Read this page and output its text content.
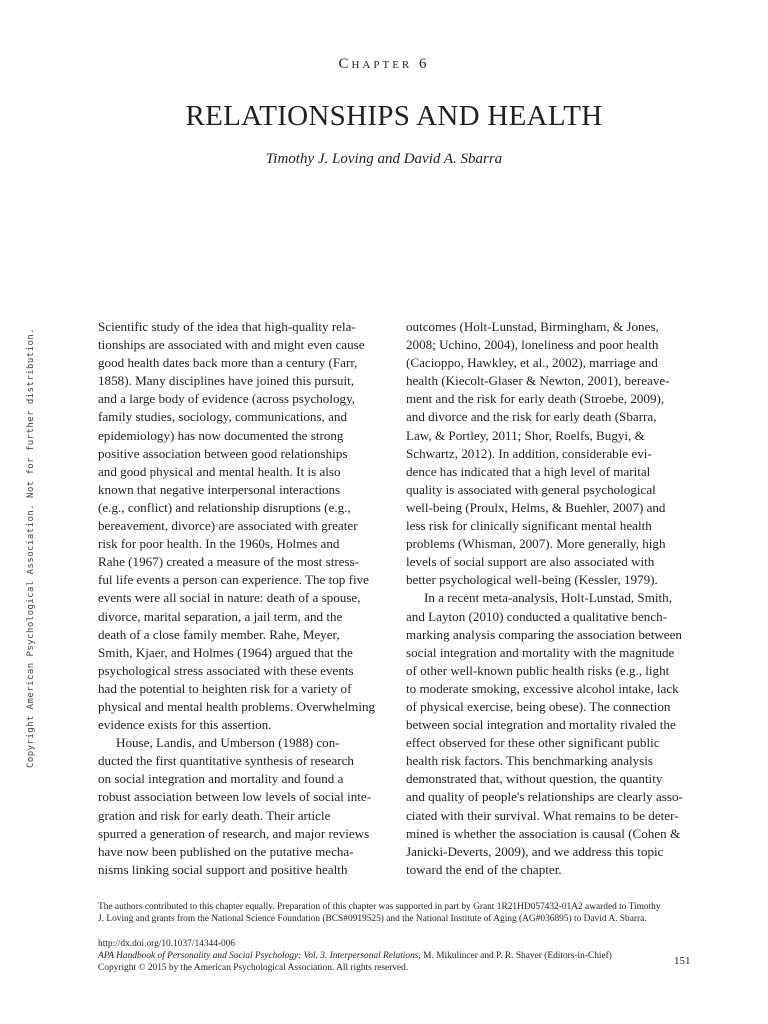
Chapter 6
RELATIONSHIPS AND HEALTH
Timothy J. Loving and David A. Sbarra
Copyright American Psychological Association. Not for further distribution.

Scientific study of the idea that high-quality rela-
tionships are associated with and might even cause
good health dates back more than a century (Farr,
1858). Many disciplines have joined this pursuit,
and a large body of evidence (across psychology,
family studies, sociology, communications, and
epidemiology) has now documented the strong
positive association between good relationships
and good physical and mental health. It is also
known that negative interpersonal interactions
(e.g., conflict) and relationship disruptions (e.g.,
bereavement, divorce) are associated with greater
risk for poor health. In the 1960s, Holmes and
Rahe (1967) created a measure of the most stress-
ful life events a person can experience. The top five
events were all social in nature: death of a spouse,
divorce, marital separation, a jail term, and the
death of a close family member. Rahe, Meyer,
Smith, Kjaer, and Holmes (1964) argued that the
psychological stress associated with these events
had the potential to heighten risk for a variety of
physical and mental health problems. Overwhelming
evidence exists for this assertion.

House, Landis, and Umberson (1988) con-
ducted the first quantitative synthesis of research
on social integration and mortality and found a
robust association between low levels of social inte-
gration and risk for early death. Their article
spurred a generation of research, and major reviews
have now been published on the putative mecha-
nisms linking social support and positive health

outcomes (Holt-Lunstad, Birmingham, & Jones,
2008; Uchino, 2004), loneliness and poor health
(Cacioppo, Hawkley, et al., 2002), marriage and
health (Kiecolt-Glaser & Newton, 2001), bereave-
ment and the risk for early death (Stroebe, 2009),
and divorce and the risk for early death (Sbarra,
Law, & Portley, 2011; Shor, Roelfs, Bugyi, &
Schwartz, 2012). In addition, considerable evi-
dence has indicated that a high level of marital
quality is associated with general psychological
well-being (Proulx, Helms, & Buehler, 2007) and
less risk for clinically significant mental health
problems (Whisman, 2007). More generally, high
levels of social support are also associated with
better psychological well-being (Kessler, 1979).

In a recent meta-analysis, Holt-Lunstad, Smith,
and Layton (2010) conducted a qualitative bench-
marking analysis comparing the association between
social integration and mortality with the magnitude
of other well-known public health risks (e.g., light
to moderate smoking, excessive alcohol intake, lack
of physical exercise, being obese). The connection
between social integration and mortality rivaled the
effect observed for these other significant public
health risk factors. This benchmarking analysis
demonstrated that, without question, the quantity
and quality of people's relationships are clearly asso-
ciated with their survival. What remains to be deter-
mined is whether the association is causal (Cohen &
Janicki-Deverts, 2009), and we address this topic
toward the end of the chapter.

The authors contributed to this chapter equally. Preparation of this chapter was supported in part by Grant 1R21HD057432-01A2 awarded to Timothy
J. Loving and grants from the National Science Foundation (BCS#0919525) and the National Institute of Aging (AG#036895) to David A. Sbarra.
http://dx.doi.org/10.1037/14344-006
APA Handbook of Personality and Social Psychology: Vol. 3. Interpersonal Relations, M. Mikulincer and P. R. Shaver (Editors-in-Chief)
Copyright © 2015 by the American Psychological Association. All rights reserved.
151
